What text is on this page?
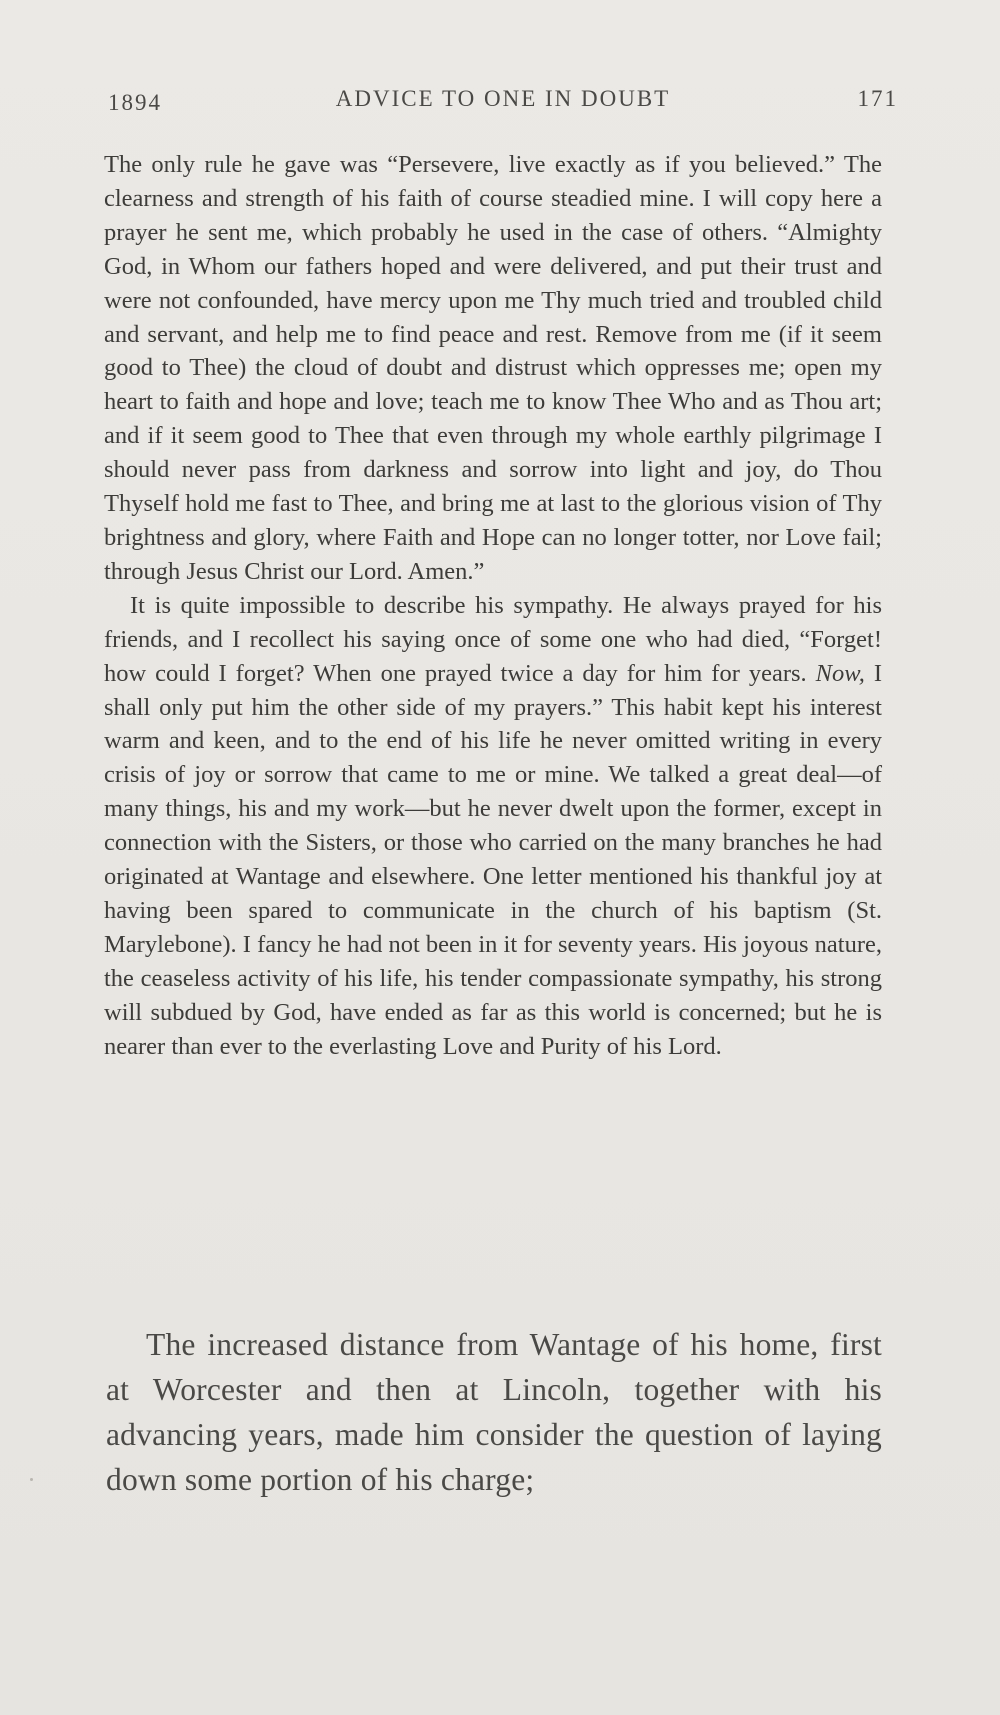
1894	ADVICE TO ONE IN DOUBT	171

The only rule he gave was “Persevere, live exactly as if you believed.” The clearness and strength of his faith of course steadied mine. I will copy here a prayer he sent me, which probably he used in the case of others. “Almighty God, in Whom our fathers hoped and were delivered, and put their trust and were not confounded, have mercy upon me Thy much tried and troubled child and servant, and help me to find peace and rest. Remove from me (if it seem good to Thee) the cloud of doubt and distrust which oppresses me; open my heart to faith and hope and love; teach me to know Thee Who and as Thou art; and if it seem good to Thee that even through my whole earthly pilgrimage I should never pass from darkness and sorrow into light and joy, do Thou Thyself hold me fast to Thee, and bring me at last to the glorious vision of Thy brightness and glory, where Faith and Hope can no longer totter, nor Love fail; through Jesus Christ our Lord. Amen.”

It is quite impossible to describe his sympathy. He always prayed for his friends, and I recollect his saying once of some one who had died, “Forget! how could I forget? When one prayed twice a day for him for years. Now, I shall only put him the other side of my prayers.” This habit kept his interest warm and keen, and to the end of his life he never omitted writing in every crisis of joy or sorrow that came to me or mine. We talked a great deal—of many things, his and my work—but he never dwelt upon the former, except in connection with the Sisters, or those who carried on the many branches he had originated at Wantage and elsewhere. One letter mentioned his thankful joy at having been spared to communicate in the church of his baptism (St. Marylebone). I fancy he had not been in it for seventy years. His joyous nature, the ceaseless activity of his life, his tender compassionate sympathy, his strong will subdued by God, have ended as far as this world is concerned; but he is nearer than ever to the everlasting Love and Purity of his Lord.

The increased distance from Wantage of his home, first at Worcester and then at Lincoln, together with his advancing years, made him consider the question of laying down some portion of his charge;
